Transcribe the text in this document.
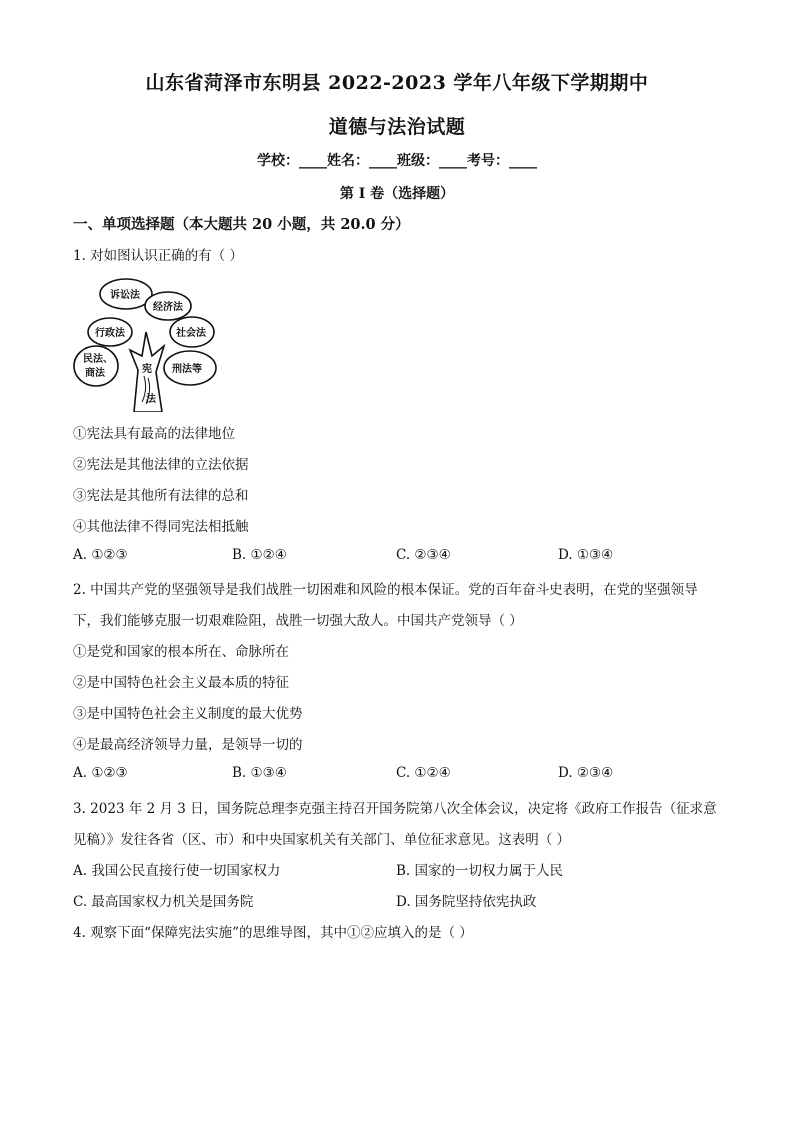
山东省菏泽市东明县 2022-2023 学年八年级下学期期中
道德与法治试题
学校：____姓名：____班级：____考号：____
第 I 卷（选择题）
一、单项选择题（本大题共 20 小题，共 20.0 分）
1. 对如图认识正确的有（ ）
诉讼法
经济法
行政法	社会法
民法、
商法	刑法等
宪
法
①宪法具有最高的法律地位
②宪法是其他法律的立法依据
③宪法是其他所有法律的总和
④其他法律不得同宪法相抵触
A. ①②③	B. ①②④	C. ②③④	D. ①③④
2. 中国共产党的坚强领导是我们战胜一切困难和风险的根本保证。党的百年奋斗史表明，在党的坚强领导
下，我们能够克服一切艰难险阻，战胜一切强大敌人。中国共产党领导（ ）
①是党和国家的根本所在、命脉所在
②是中国特色社会主义最本质的特征
③是中国特色社会主义制度的最大优势
④是最高经济领导力量，是领导一切的
A. ①②③	B. ①③④	C. ①②④	D. ②③④
3. 2023 年 2 月 3 日，国务院总理李克强主持召开国务院第八次全体会议，决定将《政府工作报告（征求意
见稿）》发往各省（区、市）和中央国家机关有关部门、单位征求意见。这表明（ ）
A. 我国公民直接行使一切国家权力	B. 国家的一切权力属于人民
C. 最高国家权力机关是国务院	D. 国务院坚持依宪执政
4. 观察下面“保障宪法实施”的思维导图，其中①②应填入的是（ ）
